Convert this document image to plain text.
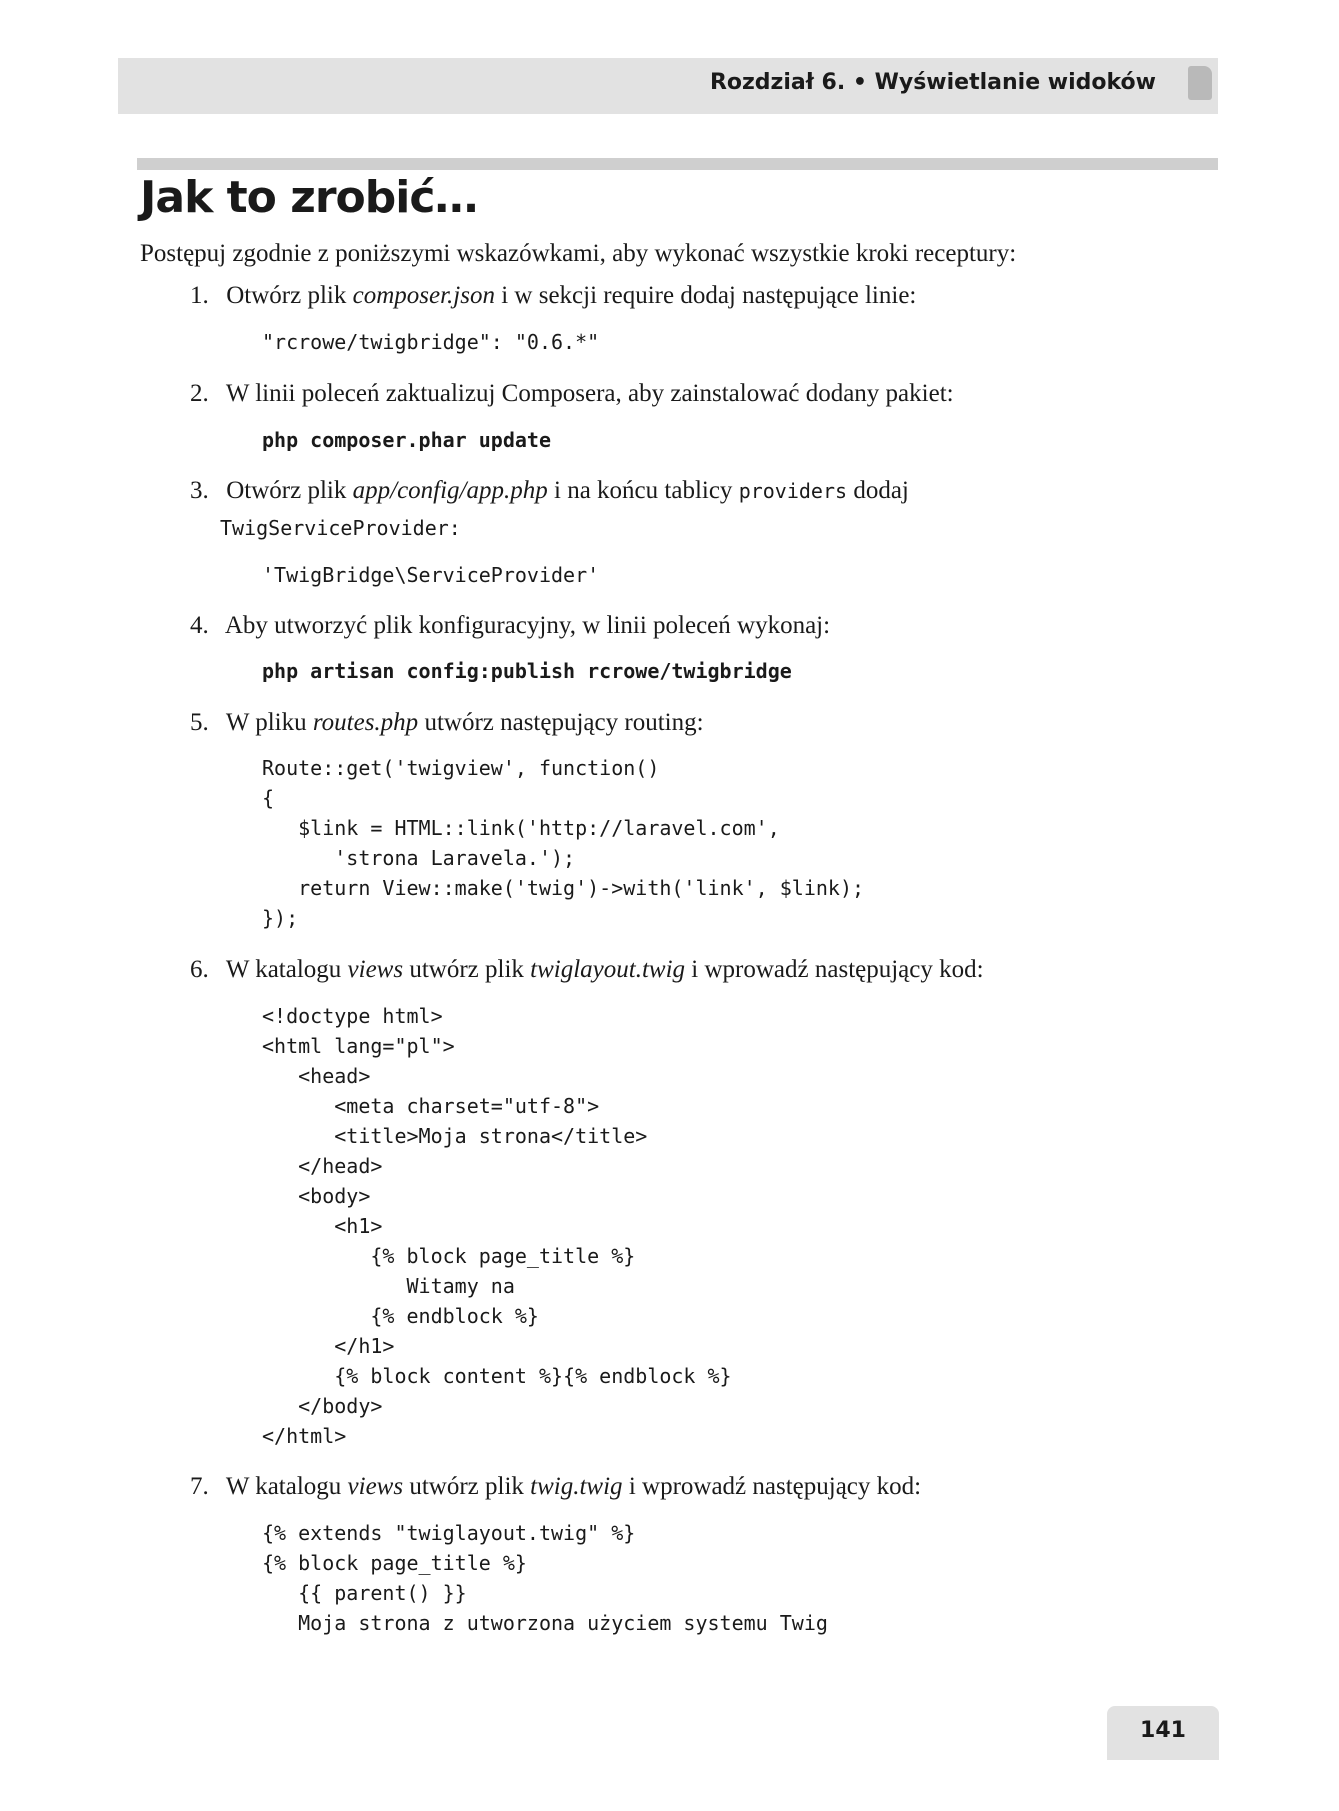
Rozdział 6. • Wyświetlanie widoków
Jak to zrobić…

Postępuj zgodnie z poniższymi wskazówkami, aby wykonać wszystkie kroki receptury:

1. Otwórz plik composer.json i w sekcji require dodaj następujące linie:
"rcrowe/twigbridge": "0.6.*"
2. W linii poleceń zaktualizuj Composera, aby zainstalować dodany pakiet:
php composer.phar update
3. Otwórz plik app/config/app.php i na końcu tablicy providers dodaj
TwigServiceProvider:
'TwigBridge\ServiceProvider'
4. Aby utworzyć plik konfiguracyjny, w linii poleceń wykonaj:
php artisan config:publish rcrowe/twigbridge
5. W pliku routes.php utwórz następujący routing:
Route::get('twigview', function()
{
$link = HTML::link('http://laravel.com',
'strona Laravela.');
return View::make('twig')->with('link', $link);
});
6. W katalogu views utwórz plik twiglayout.twig i wprowadź następujący kod:
<!doctype html>
<html lang="pl">
<head>
<meta charset="utf-8">
<title>Moja strona</title>
</head>
<body>
<h1>
{% block page_title %}
Witamy na
{% endblock %}
</h1>
{% block content %}{% endblock %}
</body>
</html>
7. W katalogu views utwórz plik twig.twig i wprowadź następujący kod:
{% extends "twiglayout.twig" %}
{% block page_title %}
{{ parent() }}
Moja strona z utworzona użyciem systemu Twig
141
